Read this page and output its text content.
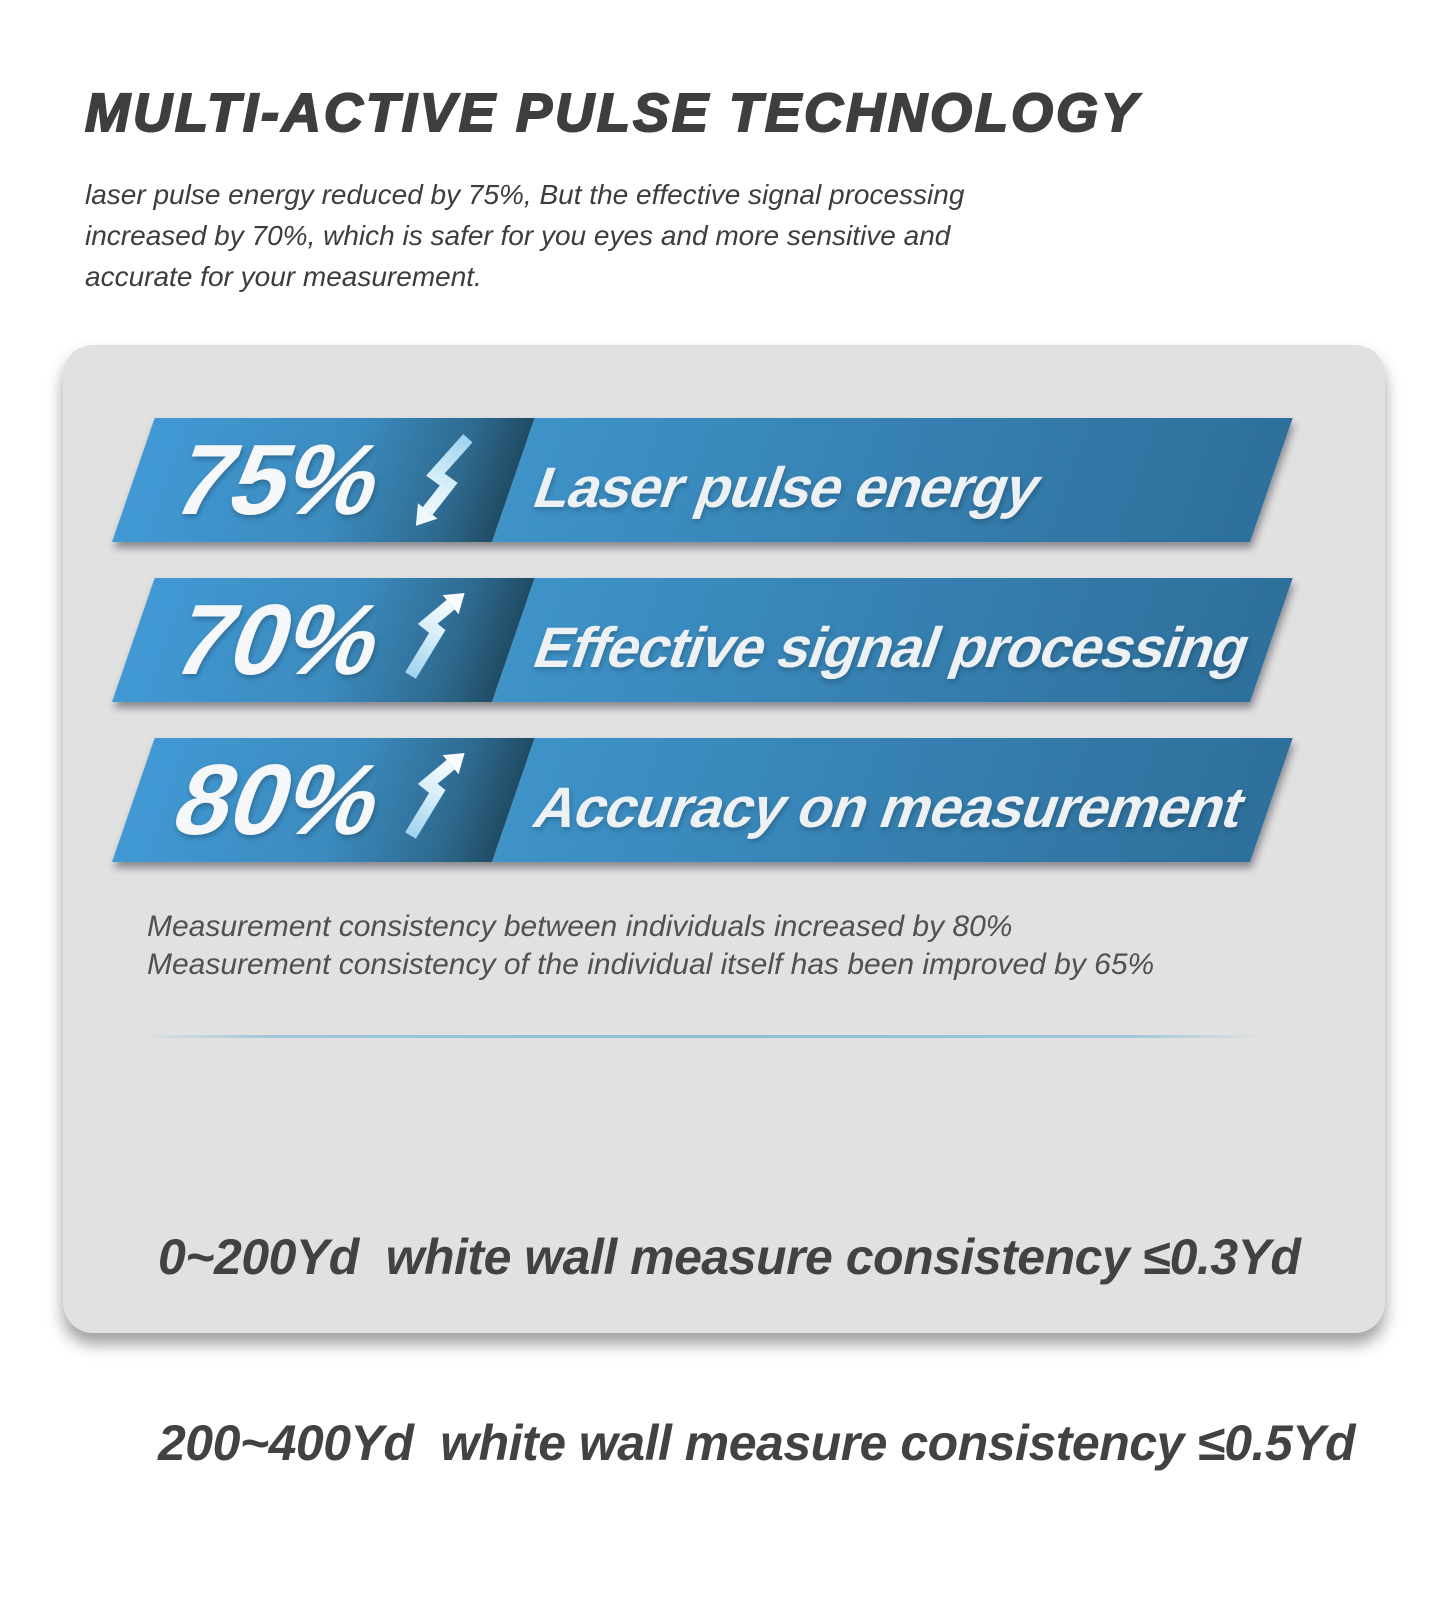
MULTI-ACTIVE PULSE TECHNOLOGY
laser pulse energy reduced by 75%, But the effective signal processing
increased by 70%, which is safer for you eyes and more sensitive and
accurate for your measurement.
75% Laser pulse energy
70% Effective signal processing
80% Accuracy on measurement
Measurement consistency between individuals increased by 80%
Measurement consistency of the individual itself has been improved by 65%

0~200Yd  white wall measure consistency ≤0.3Yd

200~400Yd  white wall measure consistency ≤0.5Yd
